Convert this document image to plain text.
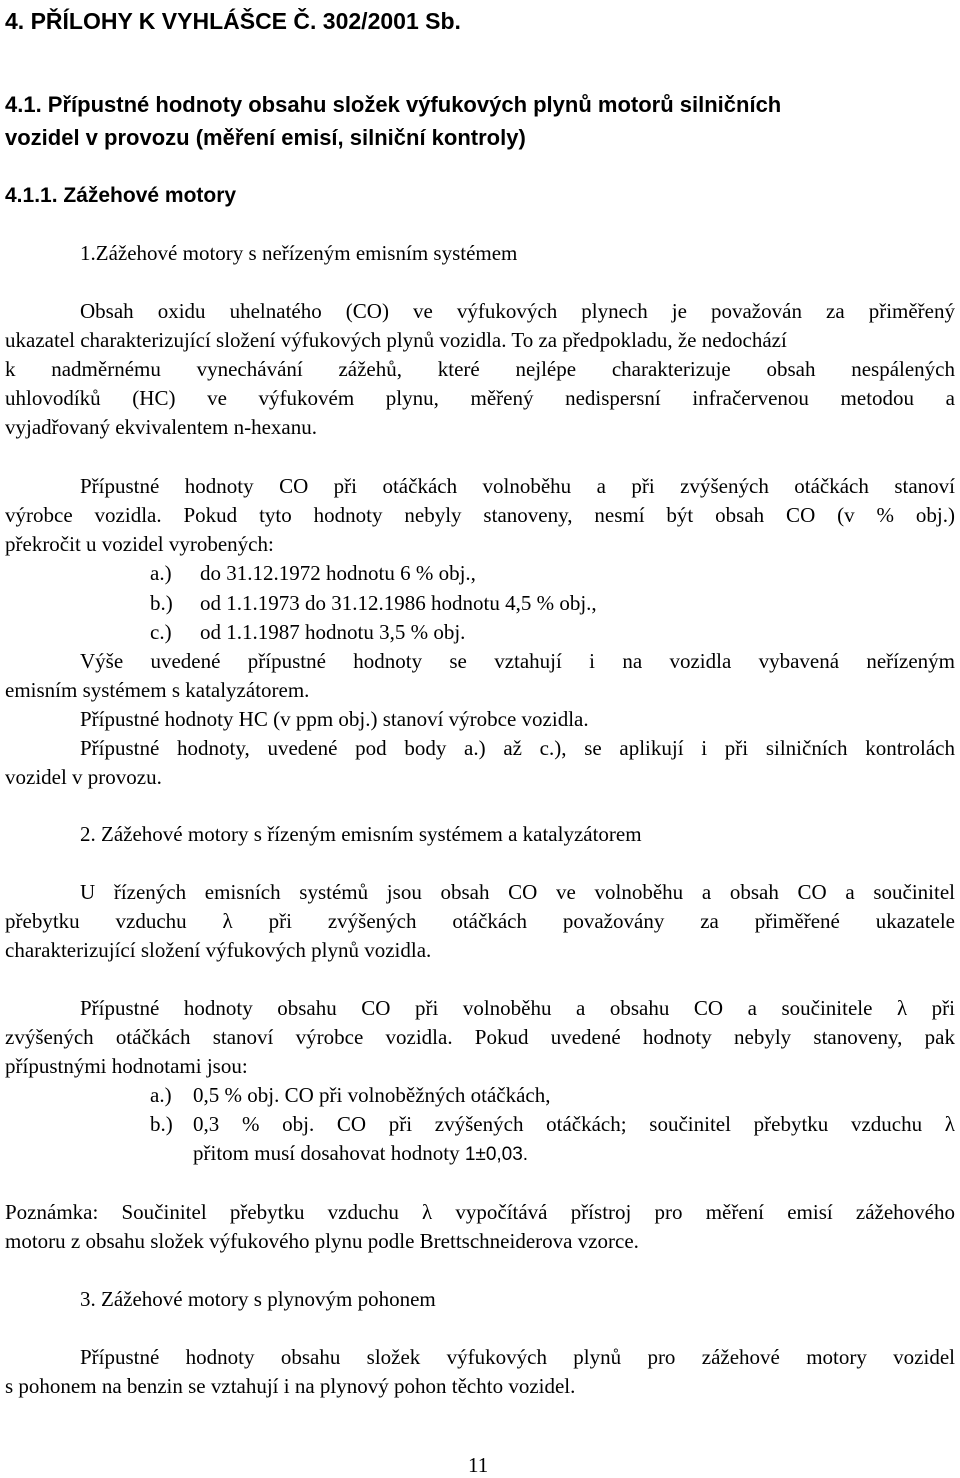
4. PŘÍLOHY K VYHLÁŠCE Č. 302/2001 Sb.
4.1. Přípustné hodnoty obsahu složek výfukových plynů motorů silničních
vozidel v provozu (měření emisí, silniční kontroly)
4.1.1. Zážehové motory
1.Zážehové motory s neřízeným emisním systémem
Obsah oxidu uhelnatého (CO) ve výfukových plynech je považován za přiměřený
ukazatel charakterizující složení výfukových plynů vozidla. To za předpokladu, že nedochází
k nadměrnému vynechávání zážehů, které nejlépe charakterizuje obsah nespálených
uhlovodíků (HC) ve výfukovém plynu, měřený nedispersní infračervenou metodou a
vyjadřovaný ekvivalentem n-hexanu.
Přípustné hodnoty CO při otáčkách volnoběhu a při zvýšených otáčkách stanoví
výrobce vozidla. Pokud tyto hodnoty nebyly stanoveny, nesmí být obsah CO (v % obj.)
překročit u vozidel vyrobených:
a.) do 31.12.1972 hodnotu 6 % obj.,
b.) od 1.1.1973 do 31.12.1986 hodnotu 4,5 % obj.,
c.) od 1.1.1987 hodnotu 3,5 % obj.
Výše uvedené přípustné hodnoty se vztahují i na vozidla vybavená neřízeným
emisním systémem s katalyzátorem.
Přípustné hodnoty HC (v ppm obj.) stanoví výrobce vozidla.
Přípustné hodnoty, uvedené pod body a.) až c.), se aplikují i při silničních kontrolách
vozidel v provozu.
2. Zážehové motory s řízeným emisním systémem a katalyzátorem
U řízených emisních systémů jsou obsah CO ve volnoběhu a obsah CO a součinitel
přebytku vzduchu λ při zvýšených otáčkách považovány za přiměřené ukazatele
charakterizující složení výfukových plynů vozidla.
Přípustné hodnoty obsahu CO při volnoběhu a obsahu CO a součinitele λ při
zvýšených otáčkách stanoví výrobce vozidla. Pokud uvedené hodnoty nebyly stanoveny, pak
přípustnými hodnotami jsou:
a.) 0,5 % obj. CO při volnoběžných otáčkách,
b.) 0,3 % obj. CO při zvýšených otáčkách; součinitel přebytku vzduchu λ
přitom musí dosahovat hodnoty 1±0,03.
Poznámka: Součinitel přebytku vzduchu λ vypočítává přístroj pro měření emisí zážehového
motoru z obsahu složek výfukového plynu podle Brettschneiderova vzorce.
3. Zážehové motory s plynovým pohonem
Přípustné hodnoty obsahu složek výfukových plynů pro zážehové motory vozidel
s pohonem na benzin se vztahují i na plynový pohon těchto vozidel.
11
